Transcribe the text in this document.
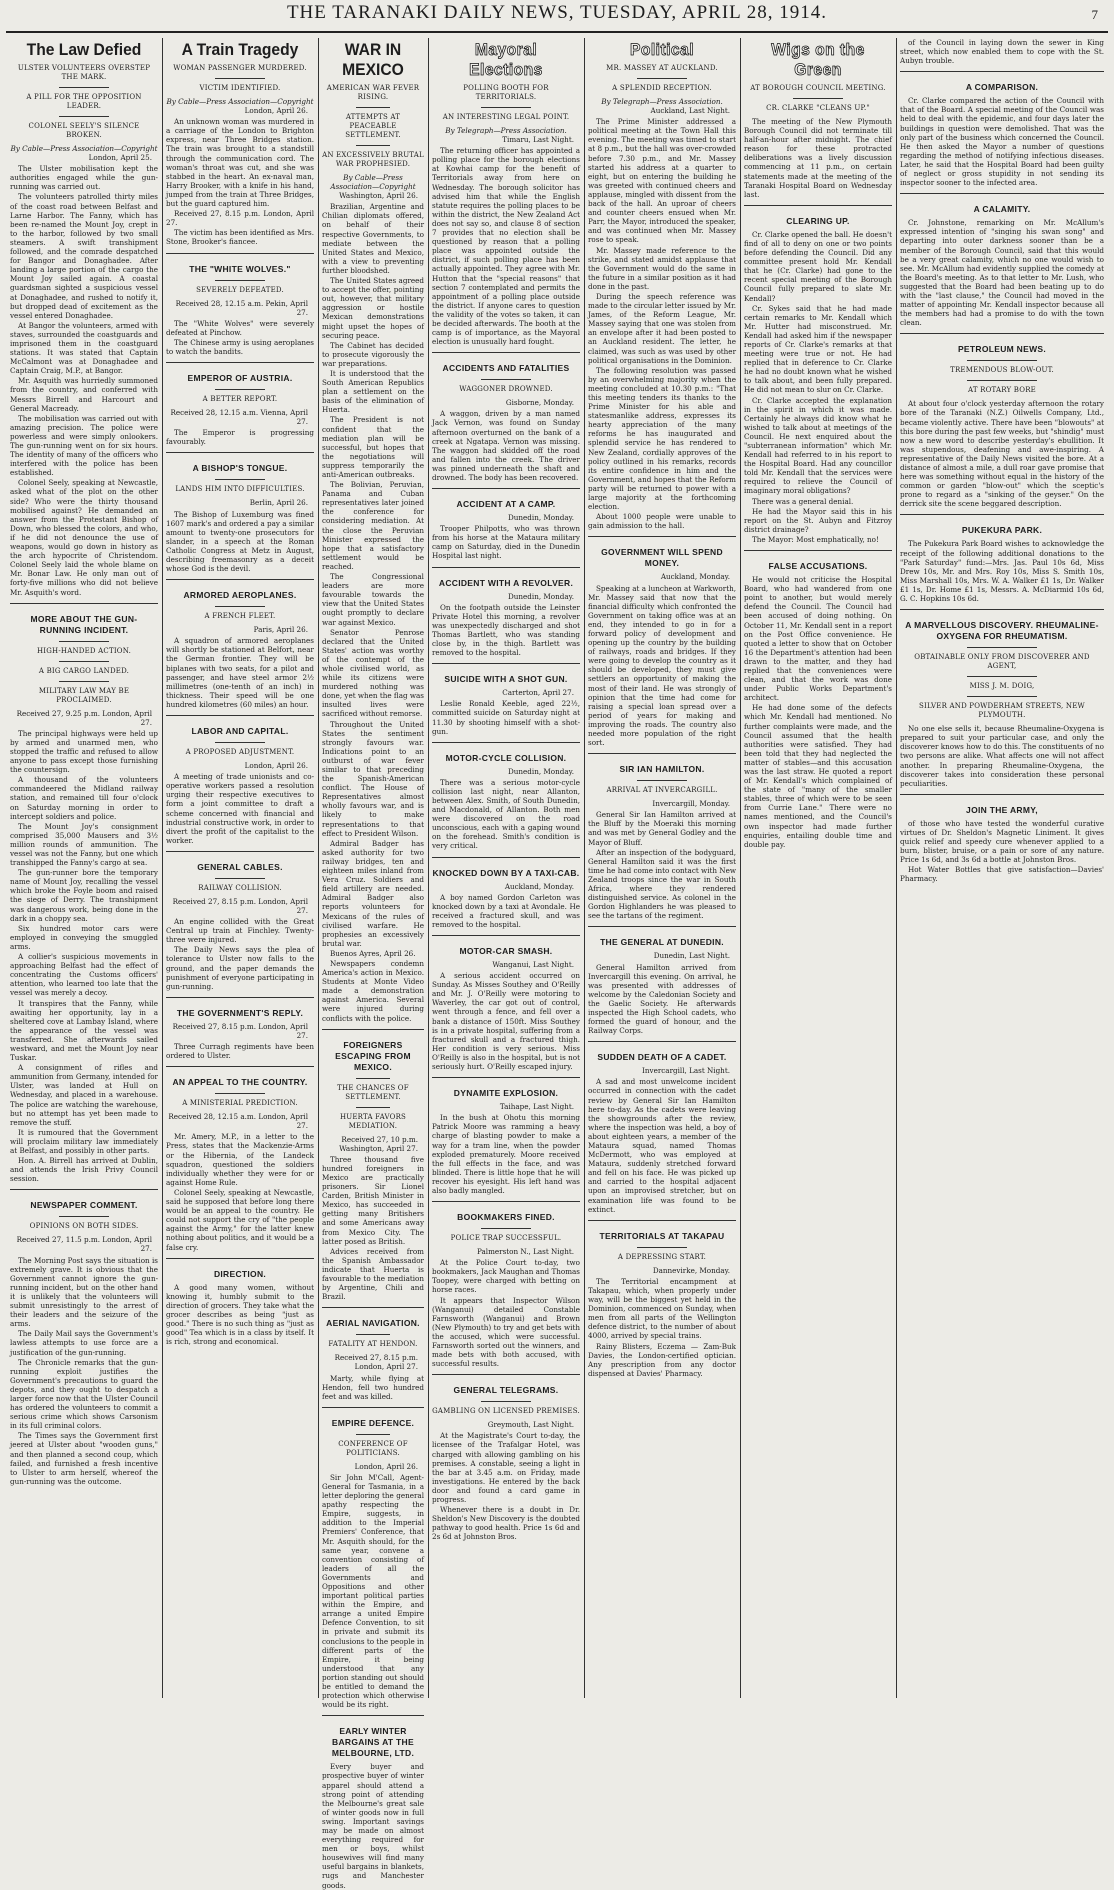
THE TARANAKI DAILY NEWS, TUESDAY, APRIL 28, 1914.	7
The Law Defied
ULSTER VOLUNTEERS OVERSTEP THE MARK.
A PILL FOR THE OPPOSITION LEADER.
COLONEL SEELY'S SILENCE BROKEN.
By Cable—Press Association—Copyright
London, April 25.

The Ulster mobilisation kept the authorities engaged while the gun-running was carried out.

The volunteers patrolled thirty miles of the coast road between Belfast and Larne Harbor. The Fanny, which has been re-named the Mount Joy, crept in to the harbor, followed by two small steamers. A swift transhipment followed, and the comrade despatched for Bangor and Donaghadee. After landing a large portion of the cargo the Mount Joy sailed again. A coastal guardsman sighted a suspicious vessel at Donaghadee, and rushed to notify it, but dropped dead of excitement as the vessel entered Donaghadee.

At Bangor the volunteers, armed with staves, surrounded the coastguards and imprisoned them in the coastguard stations. It was stated that Captain McCalmont was at Donaghadee and Captain Craig, M.P., at Bangor.

Mr. Asquith was hurriedly summoned from the country, and conferred with Messrs Birrell and Harcourt and General Macready.

The mobilisation was carried out with amazing precision. The police were powerless and were simply onlookers. The gun-running went on for six hours. The identity of many of the officers who interfered with the police has been established.

Colonel Seely, speaking at Newcastle, asked what of the plot on the other side? Who were the thirty thousand mobilised against? He demanded an answer from the Protestant Bishop of Down, who blessed the colors, and who, if he did not denounce the use of weapons, would go down in history as the arch hypocrite of Christendom. Colonel Seely laid the whole blame on Mr. Bonar Law. He only man out of forty-five millions who did not believe Mr. Asquith's word.

MORE ABOUT THE GUN-RUNNING INCIDENT.
HIGH-HANDED ACTION.
A BIG CARGO LANDED.
MILITARY LAW MAY BE PROCLAIMED.
Received 27, 9.25 p.m. London, April 27.

The principal highways were held up by armed and unarmed men, who stopped the traffic and refused to allow anyone to pass except those furnishing the countersign.

A thousand of the volunteers commandeered the Midland railway station, and remained till four o'clock on Saturday morning in order to intercept soldiers and police.

The Mount Joy's consignment comprised 35,000 Mausers and 3½ million rounds of ammunition. The vessel was not the Fanny, but one which transhipped the Fanny's cargo at sea.

The gun-runner bore the temporary name of Mount Joy, recalling the vessel which broke the Foyle boom and raised the siege of Derry. The transhipment was dangerous work, being done in the dark in a choppy sea.

Six hundred motor cars were employed in conveying the smuggled arms.

A collier's suspicious movements in approaching Belfast had the effect of concentrating the Customs officers' attention, who learned too late that the vessel was merely a decoy.

It transpires that the Fanny, while awaiting her opportunity, lay in a sheltered cove at Lambay Island, where the appearance of the vessel was transferred. She afterwards sailed westward, and met the Mount Joy near Tuskar.

A consignment of rifles and ammunition from Germany, intended for Ulster, was landed at Hull on Wednesday, and placed in a warehouse. The police are watching the warehouse, but no attempt has yet been made to remove the stuff.

It is rumoured that the Government will proclaim military law immediately at Belfast, and possibly in other parts.

Hon. A. Birrell has arrived at Dublin, and attends the Irish Privy Council session.

NEWSPAPER COMMENT.
OPINIONS ON BOTH SIDES.
Received 27, 11.5 p.m. London, April 27.

The Morning Post says the situation is extremely grave. It is obvious that the Government cannot ignore the gun-running incident, but on the other hand it is unlikely that the volunteers will submit unresistingly to the arrest of their leaders and the seizure of the arms.

The Daily Mail says the Government's lawless attempts to use force are a justification of the gun-running.

The Chronicle remarks that the gun-running exploit justifies the Government's precautions to guard the depots, and they ought to despatch a larger force now that the Ulster Council has ordered the volunteers to commit a serious crime which shows Carsonism in its full criminal colors.

The Times says the Government first jeered at Ulster about "wooden guns," and then planned a second coup, which failed, and furnished a fresh incentive to Ulster to arm herself, whereof the gun-running was the outcome.

A Train Tragedy
WOMAN PASSENGER MURDERED.
VICTIM IDENTIFIED.
By Cable—Press Association—Copyright
London, April 26.

An unknown woman was murdered in a carriage of the London to Brighton express, near Three Bridges station. The train was brought to a standstill through the communication cord. The woman's throat was cut, and she was stabbed in the heart. An ex-naval man, Harry Brooker, with a knife in his hand, jumped from the train at Three Bridges, but the guard captured him.

Received 27, 8.15 p.m. London, April 27.

The victim has been identified as Mrs. Stone, Brooker's fiancee.

THE "WHITE WOLVES."
SEVERELY DEFEATED.
Received 28, 12.15 a.m. Pekin, April 27.

The "White Wolves" were severely defeated at Pinchow.

The Chinese army is using aeroplanes to watch the bandits.

EMPEROR OF AUSTRIA.
A BETTER REPORT.
Received 28, 12.15 a.m. Vienna, April 27.

The Emperor is progressing favourably.

A BISHOP'S TONGUE.
LANDS HIM INTO DIFFICULTIES.
Berlin, April 26.

The Bishop of Luxemburg was fined 1607 mark's and ordered a pay a similar amount to twenty-one prosecutors for slander, in a speech at the Roman Catholic Congress at Metz in August, describing freemasonry as a deceit whose God is the devil.

ARMORED AEROPLANES.
A FRENCH FLEET.
Paris, April 26.

A squadron of armored aeroplanes will shortly be stationed at Belfort, near the German frontier. They will be biplanes with two seats, for a pilot and passenger, and have steel armor 2½ millimetres (one-tenth of an inch) in thickness. Their speed will be one hundred kilometres (60 miles) an hour.

LABOR AND CAPITAL.
A PROPOSED ADJUSTMENT.
London, April 26.

A meeting of trade unionists and co-operative workers passed a resolution urging their respective executives to form a joint committee to draft a scheme concerned with financial and industrial constructive work, in order to divert the profit of the capitalist to the worker.

GENERAL CABLES.
RAILWAY COLLISION.
Received 27, 8.15 p.m. London, April 27.

An engine collided with the Great Central up train at Finchley. Twenty-three were injured.

The Daily News says the plea of tolerance to Ulster now falls to the ground, and the paper demands the punishment of everyone participating in gun-running.

THE GOVERNMENT'S REPLY.
Received 27, 8.15 p.m. London, April 27.

Three Curragh regiments have been ordered to Ulster.

AN APPEAL TO THE COUNTRY.
A MINISTERIAL PREDICTION.
Received 28, 12.15 a.m. London, April 27.

Mr. Amery, M.P., in a letter to the Press, states that the Mackenzie-Arms or the Hibernia, of the Landeck squadron, questioned the soldiers individually whether they were for or against Home Rule.

Colonel Seely, speaking at Newcastle, said he supposed that before long there would be an appeal to the country. He could not support the cry of "the people against the Army," for the latter knew nothing about politics, and it would be a false cry.

DIRECTION.

A good many women, without knowing it, humbly submit to the direction of grocers. They take what the grocer describes as being "just as good." There is no such thing as "just as good" Tea which is in a class by itself. It is rich, strong and economical.

WAR IN MEXICO
AMERICAN WAR FEVER RISING.
ATTEMPTS AT PEACEABLE SETTLEMENT.
AN EXCESSIVELY BRUTAL WAR PROPHESIED.
By Cable—Press Association—Copyright
Washington, April 26.

Brazilian, Argentine and Chilian diplomats offered, on behalf of their respective Governments, to mediate between the United States and Mexico, with a view to preventing further bloodshed.

The United States agreed to accept the offer, pointing out, however, that military aggression or hostile Mexican demonstrations might upset the hopes of securing peace.

The Cabinet has decided to prosecute vigorously the war preparations.

It is understood that the South American Republics plan a settlement on the basis of the elimination of Huerta.

The President is not confident that the mediation plan will be successful, but hopes that the negotiations will suppress temporarily the anti-American outbreaks.

The Bolivian, Peruvian, Panama and Cuban representatives later joined the conference for considering mediation. At the close the Peruvian Minister expressed the hope that a satisfactory settlement would be reached.

The Congressional leaders are more favourable towards the view that the United States ought promptly to declare war against Mexico.

Senator Penrose declared that the United States' action was worthy of the contempt of the whole civilised world, as while its citizens were murdered nothing was done, yet when the flag was insulted lives were sacrificed without remorse.

Throughout the United States the sentiment strongly favours war. Indications point to an outburst of war fever similar to that preceding the Spanish-American conflict. The House of Representatives almost wholly favours war, and is likely to make representations to that effect to President Wilson.

Admiral Badger has asked authority for two railway bridges, ten and eighteen miles inland from Vera Cruz. Soldiers and field artillery are needed. Admiral Badger also reports volunteers for Mexicans of the rules of civilised warfare. He prophesies an excessively brutal war.

Buenos Ayres, April 26.

Newspapers condemn America's action in Mexico. Students at Monte Video made a demonstration against America. Several were injured during conflicts with the police.

FOREIGNERS ESCAPING FROM MEXICO.
THE CHANCES OF SETTLEMENT.
HUERTA FAVORS MEDIATION.
Received 27, 10 p.m. Washington, April 27.

Three thousand five hundred foreigners in Mexico are practically prisoners. Sir Lionel Carden, British Minister in Mexico, has succeeded in getting many Britishers and some Americans away from Mexico City. The latter posed as British.

Advices received from the Spanish Ambassador indicate that Huerta is favourable to the mediation by Argentine, Chili and Brazil.

AERIAL NAVIGATION.
FATALITY AT HENDON.
Received 27, 8.15 p.m. London, April 27.

Marty, while flying at Hendon, fell two hundred feet and was killed.

EMPIRE DEFENCE.
CONFERENCE OF POLITICIANS.
London, April 26.

Sir John M'Call, Agent-General for Tasmania, in a letter deploring the general apathy respecting the Empire, suggests, in addition to the Imperial Premiers' Conference, that Mr. Asquith should, for the same year, convene a convention consisting of leaders of all the Governments and Oppositions and other important political parties within the Empire, and arrange a united Empire Defence Convention, to sit in private and submit its conclusions to the people in different parts of the Empire, it being understood that any portion standing out should be entitled to demand the protection which otherwise would be its right.

EARLY WINTER BARGAINS AT THE MELBOURNE, LTD.

Every buyer and prospective buyer of winter apparel should attend a strong point of attending the Melbourne's great sale of winter goods now in full swing. Important savings may be made on almost everything required for men or boys, whilst housewives will find many useful bargains in blankets, rugs and Manchester goods.

Mayoral Elections
POLLING BOOTH FOR TERRITORIALS.
AN INTERESTING LEGAL POINT.
By Telegraph—Press Association.
Timaru, Last Night.

The returning officer has appointed a polling place for the borough elections at Kowhai camp for the benefit of Territorials away from here on Wednesday. The borough solicitor has advised him that while the English statute requires the polling places to be within the district, the New Zealand Act does not say so, and clause 8 of section 7 provides that no election shall be questioned by reason that a polling place was appointed outside the district, if such polling place has been actually appointed. They agree with Mr. Hutton that the "special reasons" that section 7 contemplated and permits the appointment of a polling place outside the district. If anyone cares to question the validity of the votes so taken, it can be decided afterwards. The booth at the camp is of importance, as the Mayoral election is unusually hard fought.

ACCIDENTS AND FATALITIES
WAGGONER DROWNED.
Gisborne, Monday.

A waggon, driven by a man named Jack Vernon, was found on Sunday afternoon overturned on the bank of a creek at Ngatapa. Vernon was missing. The waggon had skidded off the road and fallen into the creek. The driver was pinned underneath the shaft and drowned. The body has been recovered.

ACCIDENT AT A CAMP.
Dunedin, Monday.

Trooper Philpotts, who was thrown from his horse at the Mataura military camp on Saturday, died in the Dunedin Hospital last night.

ACCIDENT WITH A REVOLVER.
Dunedin, Monday.

On the footpath outside the Leinster Private Hotel this morning, a revolver was unexpectedly discharged and shot Thomas Bartlett, who was standing close by, in the thigh. Bartlett was removed to the hospital.

SUICIDE WITH A SHOT GUN.
Carterton, April 27.

Leslie Ronald Keeble, aged 22½, committed suicide on Saturday night at 11.30 by shooting himself with a shot-gun.

MOTOR-CYCLE COLLISION.
Dunedin, Monday.

There was a serious motor-cycle collision last night, near Allanton, between Alex. Smith, of South Dunedin, and Macdonald, of Allanton. Both men were discovered on the road unconscious, each with a gaping wound on the forehead. Smith's condition is very critical.

KNOCKED DOWN BY A TAXI-CAB.
Auckland, Monday.

A boy named Gordon Carleton was knocked down by a taxi at Avondale. He received a fractured skull, and was removed to the hospital.

MOTOR-CAR SMASH.
Wanganui, Last Night.

A serious accident occurred on Sunday. As Misses Southey and O'Reilly and Mr. J. O'Reilly were motoring to Waverley, the car got out of control, went through a fence, and fell over a bank a distance of 150ft. Miss Southey is in a private hospital, suffering from a fractured skull and a fractured thigh. Her condition is very serious. Miss O'Reilly is also in the hospital, but is not seriously hurt. O'Reilly escaped injury.

DYNAMITE EXPLOSION.
Taihape, Last Night.

In the bush at Ohotu this morning Patrick Moore was ramming a heavy charge of blasting powder to make a way for a tram line, when the powder exploded prematurely. Moore received the full effects in the face, and was blinded. There is little hope that he will recover his eyesight. His left hand was also badly mangled.

BOOKMAKERS FINED.
POLICE TRAP SUCCESSFUL.
Palmerston N., Last Night.

At the Police Court to-day, two bookmakers, Jack Maughan and Thomas Toopey, were charged with betting on horse races.

It appears that Inspector Wilson (Wanganui) detailed Constable Farnsworth (Wanganui) and Brown (New Plymouth) to try and get bets with the accused, which were successful. Farnsworth sorted out the winners, and made bets with both accused, with successful results.

GENERAL TELEGRAMS.
GAMBLING ON LICENSED PREMISES.
Greymouth, Last Night.

At the Magistrate's Court to-day, the licensee of the Trafalgar Hotel, was charged with allowing gambling on his premises. A constable, seeing a light in the bar at 3.45 a.m. on Friday, made investigations. He entered by the back door and found a card game in progress.

Whenever there is a doubt in Dr. Sheldon's New Discovery is the doubted pathway to good health. Price 1s 6d and 2s 6d at Johnston Bros.

Political
MR. MASSEY AT AUCKLAND.
A SPLENDID RECEPTION.
By Telegraph—Press Association.
Auckland, Last Night.

The Prime Minister addressed a political meeting at the Town Hall this evening. The meeting was timed to start at 8 p.m., but the hall was over-crowded before 7.30 p.m., and Mr. Massey started his address at a quarter to eight, but on entering the building he was greeted with continued cheers and applause, mingled with dissent from the back of the hall. An uproar of cheers and counter cheers ensued when Mr. Parr, the Mayor, introduced the speaker, and was continued when Mr. Massey rose to speak.

Mr. Massey made reference to the strike, and stated amidst applause that the Government would do the same in the future in a similar position as it had done in the past.

During the speech reference was made to the circular letter issued by Mr. James, of the Reform League, Mr. Massey saying that one was stolen from an envelope after it had been posted to an Auckland resident. The letter, he claimed, was such as was used by other political organisations in the Dominion.

The following resolution was passed by an overwhelming majority when the meeting concluded at 10.30 p.m.: "That this meeting tenders its thanks to the Prime Minister for his able and statesmanlike address, expresses its hearty appreciation of the many reforms he has inaugurated and splendid service he has rendered to New Zealand, cordially approves of the policy outlined in his remarks, records its entire confidence in him and the Government, and hopes that the Reform party will be returned to power with a large majority at the forthcoming election.

About 1000 people were unable to gain admission to the hall.

GOVERNMENT WILL SPEND MONEY.
Auckland, Monday.

Speaking at a luncheon at Warkworth, Mr. Massey said that now that the financial difficulty which confronted the Government on taking office was at an end, they intended to go in for a forward policy of development and opening up the country by the building of railways, roads and bridges. If they were going to develop the country as it should be developed, they must give settlers an opportunity of making the most of their land. He was strongly of opinion that the time had come for raising a special loan spread over a period of years for making and improving the roads. The country also needed more population of the right sort.

SIR IAN HAMILTON.
ARRIVAL AT INVERCARGILL.
Invercargill, Monday.

General Sir Ian Hamilton arrived at the Bluff by the Moeraki this morning and was met by General Godley and the Mayor of Bluff.

After an inspection of the bodyguard, General Hamilton said it was the first time he had come into contact with New Zealand troops since the war in South Africa, where they rendered distinguished service. As colonel in the Gordon Highlanders he was pleased to see the tartans of the regiment.

THE GENERAL AT DUNEDIN.
Dunedin, Last Night.

General Hamilton arrived from Invercargill this evening. On arrival, he was presented with addresses of welcome by the Caledonian Society and the Gaelic Society. He afterwards inspected the High School cadets, who formed the guard of honour, and the Railway Corps.

SUDDEN DEATH OF A CADET.
Invercargill, Last Night.

A sad and most unwelcome incident occurred in connection with the cadet review by General Sir Ian Hamilton here to-day. As the cadets were leaving the showgrounds after the review, where the inspection was held, a boy of about eighteen years, a member of the Mataura squad, named Thomas McDermott, who was employed at Mataura, suddenly stretched forward and fell on his face. He was picked up and carried to the hospital adjacent upon an improvised stretcher, but on examination life was found to be extinct.

TERRITORIALS AT TAKAPAU
A DEPRESSING START.
Dannevirke, Monday.

The Territorial encampment at Takapau, which, when properly under way, will be the biggest yet held in the Dominion, commenced on Sunday, when men from all parts of the Wellington defence district, to the number of about 4000, arrived by special trains.

Rainy Blisters, Eczema — Zam-Buk Davies, the London-certified optician. Any prescription from any doctor dispensed at Davies' Pharmacy.

Wigs on the Green
AT BOROUGH COUNCIL MEETING.
CR. CLARKE "CLEANS UP."

The meeting of the New Plymouth Borough Council did not terminate till half-an-hour after midnight. The chief reason for these protracted deliberations was a lively discussion commencing at 11 p.m., on certain statements made at the meeting of the Taranaki Hospital Board on Wednesday last.

CLEARING UP.

Cr. Clarke opened the ball. He doesn't find of all to deny on one or two points before defending the Council. Did any committee present hold Mr. Kendall that he (Cr. Clarke) had gone to the recent special meeting of the Borough Council fully prepared to slate Mr. Kendall?

Cr. Sykes said that he had made certain remarks to Mr. Kendall which Mr. Hutter had misconstrued. Mr. Kendall had asked him if the newspaper reports of Cr. Clarke's remarks at that meeting were true or not. He had replied that in deference to Cr. Clarke he had no doubt known what he wished to talk about, and been fully prepared. He did not mean to slur on Cr. Clarke.

Cr. Clarke accepted the explanation in the spirit in which it was made. Certainly he always did know what he wished to talk about at meetings of the Council. He next enquired about the "subterranean information" which Mr. Kendall had referred to in his report to the Hospital Board. Had any councillor told Mr. Kendall that the services were required to relieve the Council of imaginary moral obligations?

There was a general denial.

He had the Mayor said this in his report on the St. Aubyn and Fitzroy district drainage?

The Mayor: Most emphatically, no!

FALSE ACCUSATIONS.

He would not criticise the Hospital Board, who had wandered from one point to another, but would merely defend the Council. The Council had been accused of doing nothing. On October 11, Mr. Kendall sent in a report on the Post Office convenience. He quoted a letter to show that on October 16 the Department's attention had been drawn to the matter, and they had replied that the conveniences were clean, and that the work was done under Public Works Department's architect.

He had done some of the defects which Mr. Kendall had mentioned. No further complaints were made, and the Council assumed that the health authorities were satisfied. They had been told that they had neglected the matter of stables—and this accusation was the last straw. He quoted a report of Mr. Kendall's which complained of the state of "many of the smaller stables, three of which were to be seen from Currie Lane." There were no names mentioned, and the Council's own inspector had made further enquiries, entailing double time and double pay.

of the Council in laying down the sewer in King street, which now enabled them to cope with the St. Aubyn trouble.

A COMPARISON.

Cr. Clarke compared the action of the Council with that of the Board. A special meeting of the Council was held to deal with the epidemic, and four days later the buildings in question were demolished. That was the only part of the business which concerned the Council. He then asked the Mayor a number of questions regarding the method of notifying infectious diseases. Later, he said that the Hospital Board had been guilty of neglect or gross stupidity in not sending its inspector sooner to the infected area.

A CALAMITY.

Cr. Johnstone, remarking on Mr. McAllum's expressed intention of "singing his swan song" and departing into outer darkness sooner than be a member of the Borough Council, said that this would be a very great calamity, which no one would wish to see. Mr. McAllum had evidently supplied the comedy at the Board's meeting. As to that letter to Mr. Lush, who suggested that the Board had been beating up to do with the "last clause," the Council had moved in the matter of appointing Mr. Kendall inspector because all the members had had a promise to do with the town clean.

PETROLEUM NEWS.
TREMENDOUS BLOW-OUT.
AT ROTARY BORE

At about four o'clock yesterday afternoon the rotary bore of the Taranaki (N.Z.) Oilwells Company, Ltd., became violently active. There have been "blowouts" at this bore during the past few weeks, but "shindig" must now a new word to describe yesterday's ebullition. It was stupendous, deafening and awe-inspiring. A representative of the Daily News visited the bore. At a distance of almost a mile, a dull roar gave promise that here was something without equal in the history of the common or garden "blow-out" which the sceptic's prone to regard as a "sinking of the geyser." On the derrick site the scene beggared description.

PUKEKURA PARK.

The Pukekura Park Board wishes to acknowledge the receipt of the following additional donations to the "Park Saturday" fund:—Mrs. Jas. Paul 10s 6d, Miss Drew 10s, Mr. and Mrs. Roy 10s, Miss S. Smith 10s, Miss Marshall 10s, Mrs. W. A. Walker £1 1s, Dr. Walker £1 1s, Dr. Home £1 1s, Messrs. A. McDiarmid 10s 6d, G. C. Hopkins 10s 6d.

A MARVELLOUS DISCOVERY. RHEUMALINE-OXYGENA FOR RHEUMATISM.
OBTAINABLE ONLY FROM DISCOVERER AND AGENT,
MISS J. M. DOIG,
SILVER AND POWDERHAM STREETS, NEW PLYMOUTH.

No one else sells it, because Rheumaline-Oxygena is prepared to suit your particular case, and only the discoverer knows how to do this. The constituents of no two persons are alike. What affects one will not affect another. In preparing Rheumaline-Oxygena, the discoverer takes into consideration these personal peculiarities.

JOIN THE ARMY,

of those who have tested the wonderful curative virtues of Dr. Sheldon's Magnetic Liniment. It gives quick relief and speedy cure whenever applied to a burn, blister, bruise, or a pain or sore of any nature. Price 1s 6d, and 3s 6d a bottle at Johnston Bros.

Hot Water Bottles that give satisfaction—Davies' Pharmacy.
